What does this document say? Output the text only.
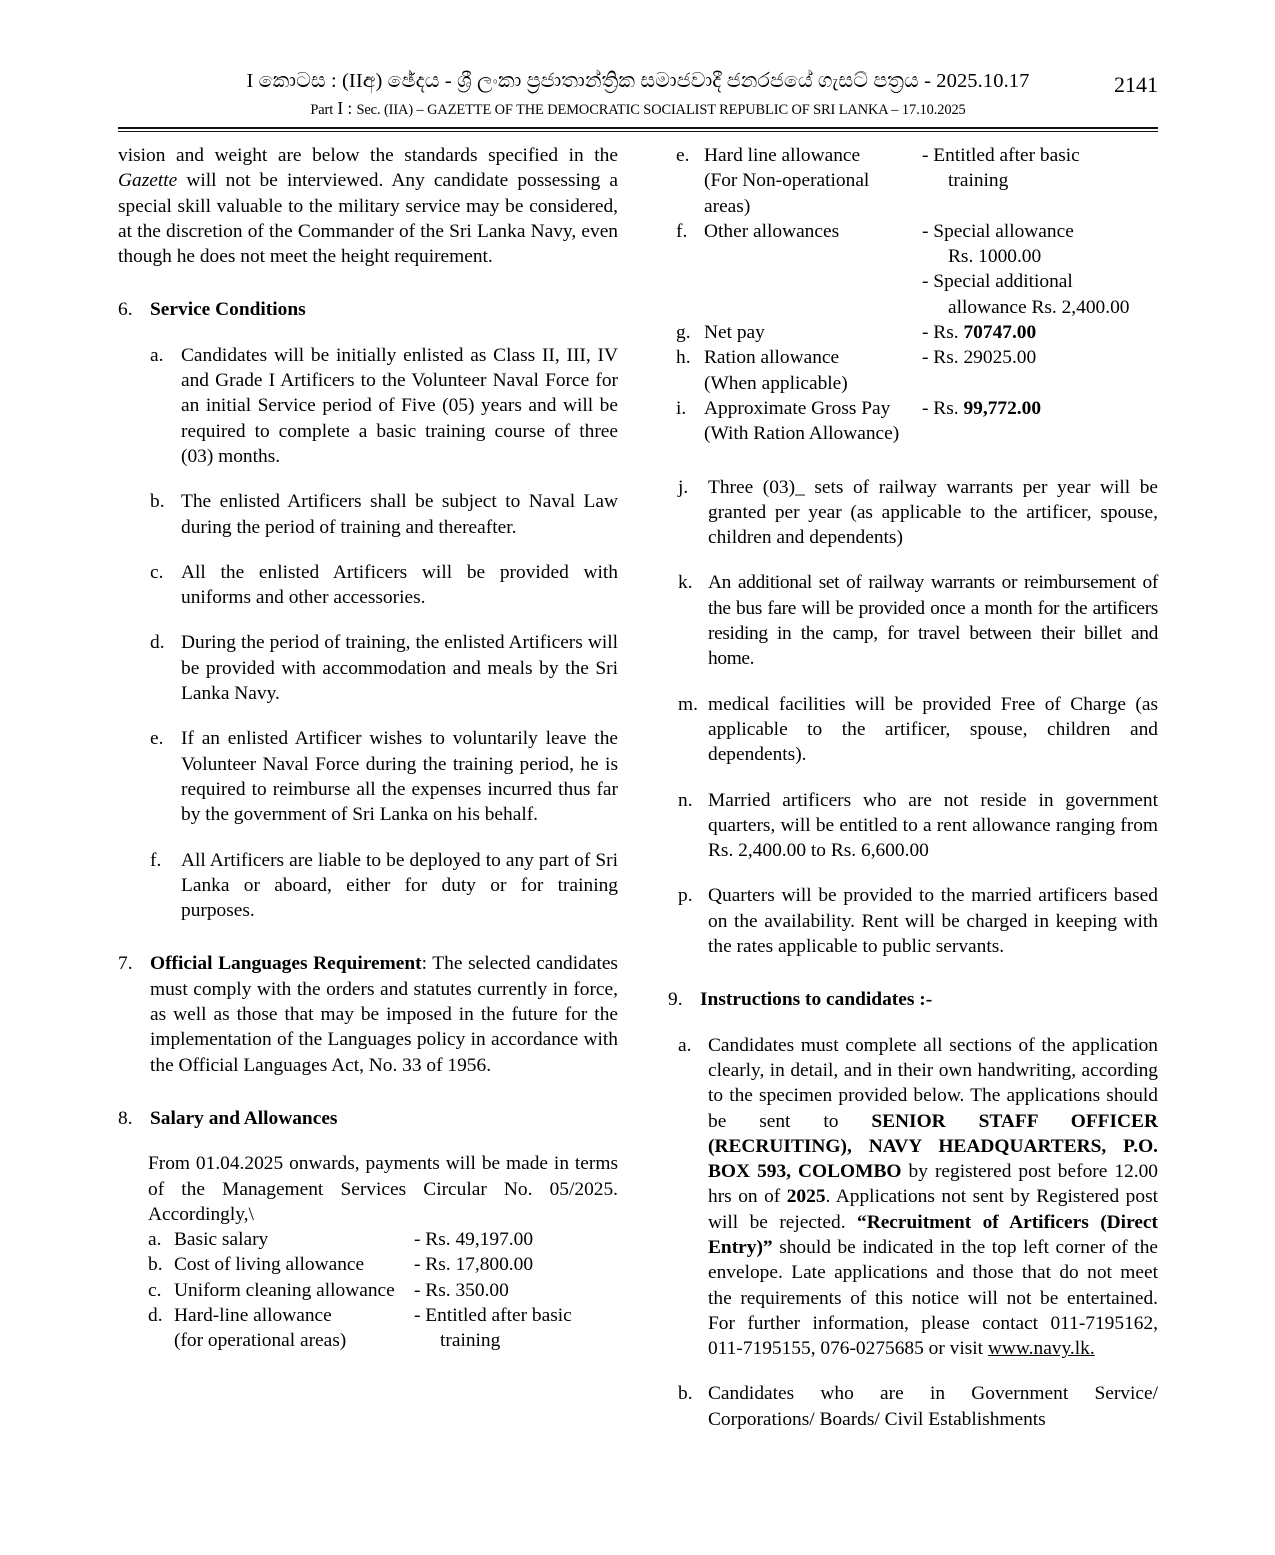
I කොටස : (IIඅ) ඡේදය - ශ්‍රී ලංකා ප්‍රජාතාන්ත්‍රික සමාජවාදී ජනරජයේ ගැසට් පත්‍රය - 2025.10.17	2141
Part I : Sec. (IIA) – GAZETTE OF THE DEMOCRATIC SOCIALIST REPUBLIC OF SRI LANKA – 17.10.2025

vision and weight are below the standards specified in the Gazette will not be interviewed. Any candidate possessing a special skill valuable to the military service may be considered, at the discretion of the Commander of the Sri Lanka Navy, even though he does not meet the height requirement.

6. Service Conditions
a. Candidates will be initially enlisted as Class II, III, IV and Grade I Artificers to the Volunteer Naval Force for an initial Service period of Five (05) years and will be required to complete a basic training course of three (03) months.
b. The enlisted Artificers shall be subject to Naval Law during the period of training and thereafter.
c. All the enlisted Artificers will be provided with uniforms and other accessories.
d. During the period of training, the enlisted Artificers will be provided with accommodation and meals by the Sri Lanka Navy.
e. If an enlisted Artificer wishes to voluntarily leave the Volunteer Naval Force during the training period, he is required to reimburse all the expenses incurred thus far by the government of Sri Lanka on his behalf.
f.	All Artificers are liable to be deployed to any part of Sri Lanka or aboard, either for duty or for training purposes.
7. Official Languages Requirement: The selected candidates must comply with the orders and statutes currently in force, as well as those that may be imposed in the future for the implementation of the Languages policy in accordance with the Official Languages Act, No. 33 of 1956.
8. Salary and Allowances

From 01.04.2025 onwards, payments will be made in terms of the Management Services Circular No. 05/2025. Accordingly,\

a. Basic salary	- Rs. 49,197.00
b. Cost of living allowance	- Rs. 17,800.00
c. Uniform cleaning allowance - Rs. 350.00
d. Hard-line allowance	- Entitled after basic
(for operational areas)	training
e. Hard line allowance	- Entitled after basic
(For Non-operational	training
areas)
f. Other allowances	- Special allowance
Rs. 1000.00
- Special additional
allowance Rs. 2,400.00
g. Net pay	- Rs. 70747.00
h. Ration allowance	- Rs. 29025.00
(When applicable)
i. Approximate Gross Pay	- Rs. 99,772.00
(With Ration Allowance)
j.	Three (03)_ sets of railway warrants per year will be granted per year (as applicable to the artificer, spouse, children and dependents)
k. An additional set of railway warrants or reimbursement of the bus fare will be provided once a month for the artificers residing in the camp, for travel between their billet and home.
m. medical facilities will be provided Free of Charge (as applicable to the artificer, spouse, children and dependents).
n. Married artificers who are not reside in government quarters, will be entitled to a rent allowance ranging from Rs. 2,400.00 to Rs. 6,600.00
p. Quarters will be provided to the married artificers based on the availability. Rent will be charged in keeping with the rates applicable to public servants.
9. Instructions to candidates :-
a. Candidates must complete all sections of the application clearly, in detail, and in their own handwriting, according to the specimen provided below. The applications should be sent to SENIOR STAFF OFFICER (RECRUITING), NAVY HEADQUARTERS, P.O. BOX 593, COLOMBO by registered post before 12.00 hrs on of 2025. Applications not sent by Registered post will be rejected. “Recruitment of Artificers (Direct Entry)” should be indicated in the top left corner of the envelope. Late applications and those that do not meet the requirements of this notice will not be entertained. For further information, please contact 011-7195162, 011-7195155, 076-0275685 or visit www.navy.lk.
b. Candidates who are in Government Service/ Corporations/ Boards/ Civil Establishments
